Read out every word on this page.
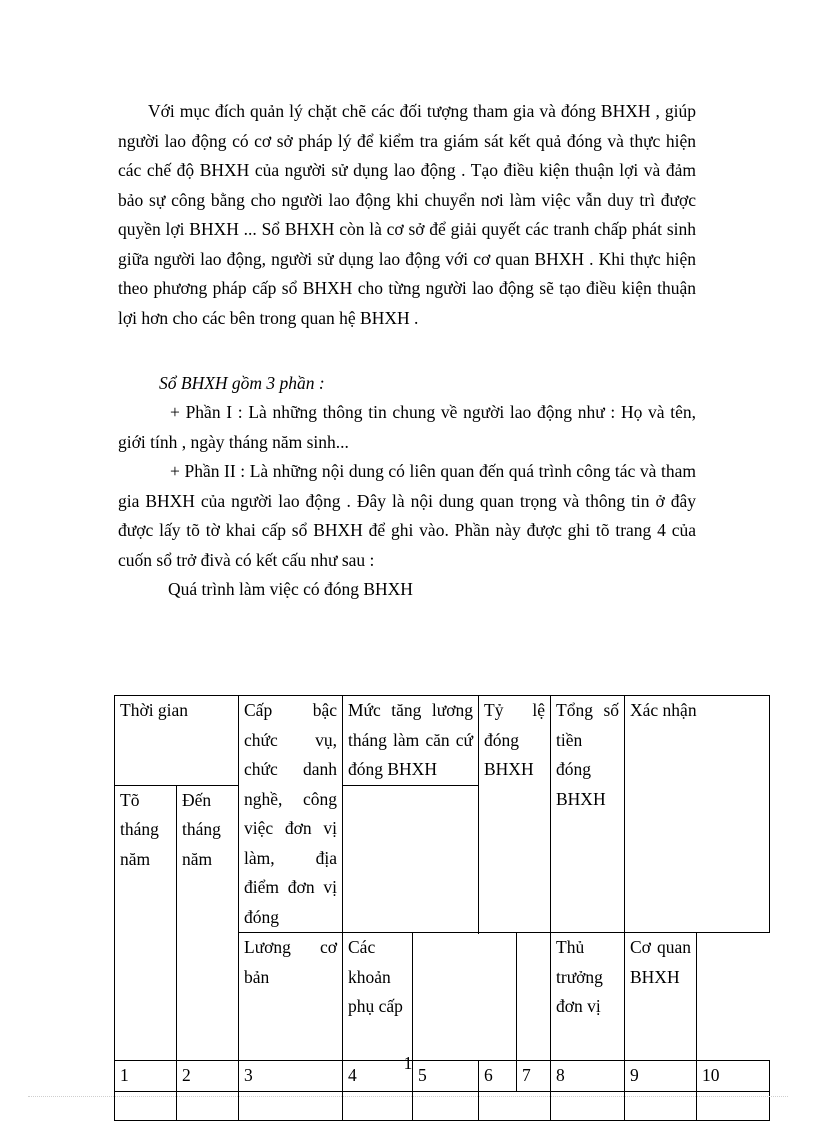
Với mục đích quản lý chặt chẽ các đối tượng tham gia và đóng BHXH , giúp người lao động có cơ sở pháp lý để kiểm tra giám sát kết quả đóng và thực hiện các chế độ BHXH của người sử dụng lao động . Tạo điều kiện thuận lợi và đảm bảo sự công bằng cho người lao động khi chuyển nơi làm việc vẫn duy trì được quyền lợi BHXH ... Sổ BHXH còn là cơ sở để giải quyết các tranh chấp phát sinh giữa người lao động, người sử dụng lao động với cơ quan BHXH . Khi thực hiện theo phương pháp cấp sổ BHXH cho từng người lao động sẽ tạo điều kiện thuận lợi hơn cho các bên trong quan hệ BHXH .

Sổ BHXH gồm 3 phần :

+ Phần I : Là những thông tin chung về người lao động như : Họ và tên, giới tính , ngày tháng năm sinh...

+ Phần II : Là những nội dung có liên quan đến quá trình công tác và tham gia BHXH của người lao động . Đây là nội dung quan trọng và thông tin ở đây được lấy tõ tờ khai cấp sổ BHXH để ghi vào. Phần này được ghi tõ trang 4 của cuốn sổ trở đivà có kết cấu như sau :

Quá trình làm việc có đóng BHXH

Thời gian		Cấp bậc chức vụ, chức danh nghề, công việc đơn vị làm, địa điểm đơn vị đóng	Mức tăng lương tháng làm căn cứ đóng BHXH		Tỷ lệ đóng BHXH		Tổng số tiền đóng BHXH	Xác nhận	
Tõ tháng năm	Đến tháng năm								

		Lương cơ bản	Các khoản phụ cấp				Thủ trưởng đơn vị	Cơ quan BHXH	
1	2	3	4	5	6	7	8	9	10

1
